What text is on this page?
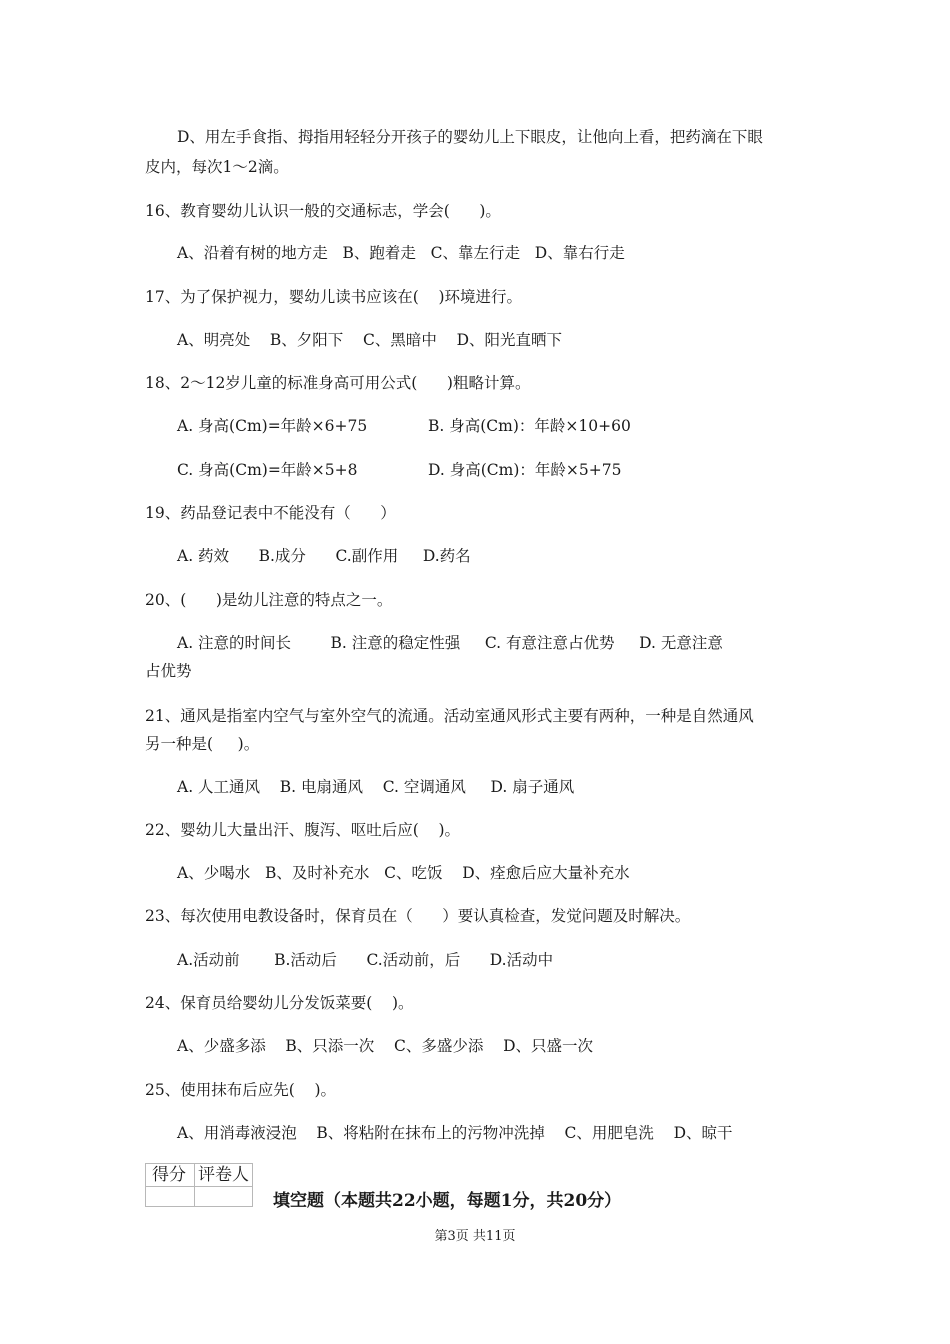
D、用左手食指、拇指用轻轻分开孩子的婴幼儿上下眼皮，让他向上看，把药滴在下眼
皮内，每次1～2滴。
16、教育婴幼儿认识一般的交通标志，学会(      )。
A、沿着有树的地方走   B、跑着走   C、靠左行走   D、靠右行走
17、为了保护视力，婴幼儿读书应该在(    )环境进行。
A、明亮处    B、夕阳下    C、黑暗中    D、阳光直晒下
18、2～12岁儿童的标准身高可用公式(      )粗略计算。
A. 身高(Cm)=年龄×6+75	B. 身高(Cm)：年龄×10+60
C. 身高(Cm)=年龄×5+8	D. 身高(Cm)：年龄×5+75
19、药品登记表中不能没有（      ）
A. 药效      B.成分      C.副作用     D.药名
20、(      )是幼儿注意的特点之一。
A. 注意的时间长        B. 注意的稳定性强     C. 有意注意占优势     D. 无意注意
占优势
21、通风是指室内空气与室外空气的流通。活动室通风形式主要有两种，一种是自然通风
另一种是(     )。
A. 人工通风    B. 电扇通风    C. 空调通风     D. 扇子通风
22、婴幼儿大量出汗、腹泻、呕吐后应(    )。
A、少喝水   B、及时补充水   C、吃饭    D、痊愈后应大量补充水
23、每次使用电教设备时，保育员在（      ）要认真检查，发觉问题及时解决。
A.活动前       B.活动后      C.活动前，后      D.活动中
24、保育员给婴幼儿分发饭菜要(    )。
A、少盛多添    B、只添一次    C、多盛少添    D、只盛一次
25、使用抹布后应先(    )。
A、用消毒液浸泡    B、将粘附在抹布上的污物冲洗掉    C、用肥皂洗    D、晾干
得分 评卷人
填空题（本题共22小题，每题1分，共20分）
第3页 共11页
